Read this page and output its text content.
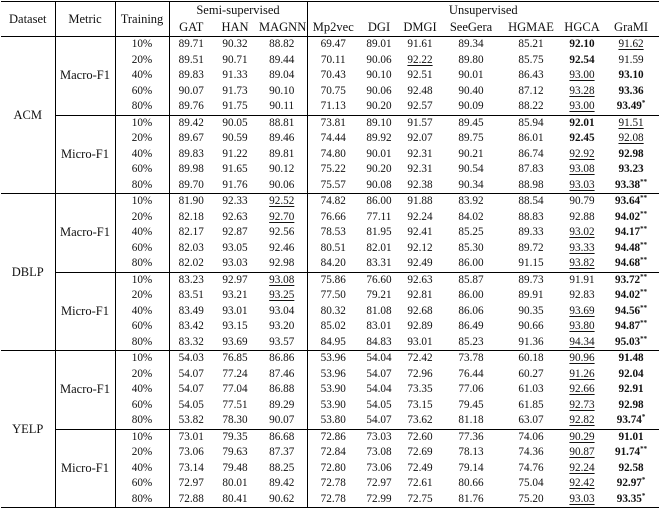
Dataset	Metric	Training	Semi-supervised			Unsupervised						
			GAT	HAN	MAGNN	Mp2vec	DGI	DMGI	SeeGera	HGMAE	HGCA	GraMI
ACM	Macro-F1	10%	89.71	90.32	88.82	69.47	89.01	91.61	89.34	85.21	92.10	91.62
		20%	89.51	90.71	89.44	70.11	90.06	92.22	89.80	85.75	92.54	91.59
		40%	89.83	91.33	89.04	70.43	90.10	92.51	90.01	86.43	93.00	93.10
		60%	90.07	91.73	90.10	70.75	90.06	92.48	90.40	87.12	93.28	93.36
		80%	89.76	91.75	90.11	71.13	90.20	92.57	90.09	88.22	93.00	93.49*
	Micro-F1	10%	89.42	90.05	88.81	73.81	89.10	91.57	89.45	85.94	92.01	91.51
		20%	89.67	90.59	89.46	74.44	89.92	92.07	89.75	86.01	92.45	92.08
		40%	89.83	91.22	89.81	74.80	90.01	92.31	90.21	86.74	92.92	92.98
		60%	89.98	91.65	90.12	75.22	90.20	92.31	90.54	87.83	93.08	93.23
		80%	89.70	91.76	90.06	75.57	90.08	92.38	90.34	88.98	93.03	93.38**
DBLP	Macro-F1	10%	81.90	92.33	92.52	74.82	86.00	91.88	83.92	88.54	90.79	93.64**
		20%	82.18	92.63	92.70	76.66	77.11	92.24	84.02	88.83	92.88	94.02**
		40%	82.17	92.87	92.56	78.53	81.95	92.41	85.25	89.33	93.02	94.17**
		60%	82.03	93.05	92.46	80.51	82.01	92.12	85.30	89.72	93.33	94.48**
		80%	82.02	93.03	92.98	84.20	83.31	92.49	86.00	91.15	93.82	94.68**
	Micro-F1	10%	83.23	92.97	93.08	75.86	76.60	92.63	85.87	89.73	91.91	93.72**
		20%	83.51	93.21	93.25	77.50	79.21	92.81	86.00	89.91	92.83	94.02**
		40%	83.49	93.01	93.04	80.32	81.08	92.68	86.06	90.35	93.69	94.56**
		60%	83.42	93.15	93.20	85.02	83.01	92.89	86.49	90.66	93.80	94.87**
		80%	83.32	93.69	93.57	84.95	84.83	93.01	85.23	91.36	94.34	95.03**
YELP	Macro-F1	10%	54.03	76.85	86.86	53.96	54.04	72.42	73.78	60.18	90.96	91.48
		20%	54.07	77.24	87.46	53.96	54.07	72.96	76.44	60.27	91.26	92.04
		40%	54.07	77.04	86.88	53.90	54.04	73.35	77.06	61.03	92.66	92.91
		60%	54.05	77.51	89.29	53.90	54.05	73.15	79.45	61.85	92.73	92.98
		80%	53.82	78.30	90.07	53.80	54.07	73.62	81.18	63.07	92.82	93.74*
	Micro-F1	10%	73.01	79.35	86.68	72.86	73.03	72.60	77.36	74.06	90.29	91.01
		20%	73.06	79.63	87.37	72.84	73.08	72.69	78.13	74.36	90.87	91.74**
		40%	73.14	79.48	88.25	72.80	73.06	72.49	79.14	74.76	92.24	92.58
		60%	72.97	80.01	89.42	72.78	72.97	72.61	80.66	75.04	92.42	92.97*
		80%	72.88	80.41	90.62	72.78	72.99	72.75	81.76	75.20	93.03	93.35*
